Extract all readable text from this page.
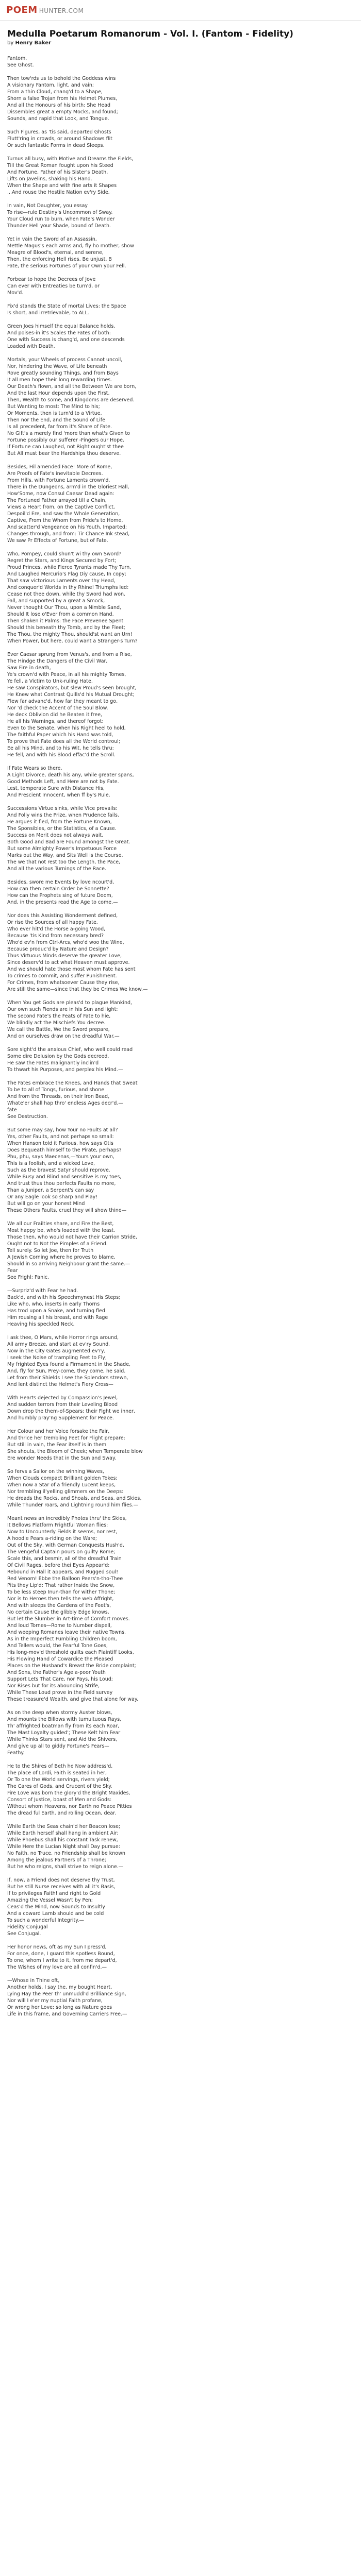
POEM HUNTER.COM
Medulla Poetarum Romanorum - Vol. I. (Fantom - Fidelity)
by Henry Baker
Fantom.
See Ghost.
Then tow'rds us to behold the Goddess wins
A visionary Fantom, light, and vain;
From a thin Cloud, chang'd to a Shape,
Shorn a false Trojan from his Helmet Plumes,
And all the Honours of his birth: She Head
Dissembles great a empty Mocks, and found;
Sounds, and rapid that Look, and Tongue.
Such Figures, as 'tis said, departed Ghosts
Flutt'ring in crowds, or around Shadows flit
Or such fantastic Forms in dead Sleeps.
Turnus all busy, with Motive and Dreams the Fields,
Till the Great Roman fought upon his Steed
And Fortune, Father of his Sister's Death,
Lifts on Javelins, shaking his Hand.
When the Shape and with fine arts it Shapes
...And rouse the Hostile Nation ev'ry Side.
In vain, Not Daughter, you essay
To rise—rule Destiny's Uncommon of Sway.
Your Cloud run to burn, when Fate's Wonder
Thunder Hell your Shade, bound of Death.
Yet in vain the Sword of an Assassin,
Mettle Magus's each arms and, fly ho mother, show
Meagre of Blood's, eternal, and serene,
Then, the enforcing Hell rises, Be unjust, B
Fate, the serious Fortunes of your Own your Fell.
Forbear to hope the Decrees of Jove
Can ever with Entreaties be turn'd, or
Mov'd.
Fix'd stands the State of mortal Lives: the Space
Is short, and irretrievable, to ALL.
Green Joes himself the equal Balance holds,
And poises-in it's Scales the Fates of both:
One with Success is chang'd, and one descends
Loaded with Death.
Mortals, your Wheels of process Cannot uncoil,
Nor, hindering the Wave, of Life beneath
Rove greatly sounding Things, and from Bays
It all men hope their long rewarding times.
Our Death's flown, and all the Between We are born,
And the last Hour depends upon the First.
Then, Wealth to some, and Kingdoms are deserved.
But Wanting to most: The Mind to his;
Or Moments, then is turn'd to a Virtue,
Then nor the End, and the Sound of Life
Is all precedent, far from it's Share of Fate.
No Gift's a merely find 'more than what's Given to
Fortune possibly our sufferer -Fingers our Hope.
If Fortune can Laughed, not Right ought'st thee
But All must bear the Hardships thou deserve.
Besides, Hil amended Face! More of Rome,
Are Proofs of Fate's inevitable Decrees.
From Hills, with Fortune Laments crown'd,
There in the Dungeons, arm'd in the Gloriest Hall,
How'Some, now Consul Caesar Dead again:
The Fortuned Father arrayed till a Chain,
Views a Heart from, on the Captive Conflict,
Despoil'd Ere, and saw the Whole Generation,
Captive, From the Whom from Pride's to Home,
And scatter'd Vengeance on his Youth, Imparted;
Changes through, and from: Tir Chance Ink stead,
We saw Pr Effects of Fortune, but of Fate.
Who, Pompey, could shun't wi thy own Sword?
Regret the Stars, and Kings Secured by Fort;
Proud Princes, while Fierce Tyrants made Thy Turn,
And Laughed Mercurio's Flag Diy cause, In copy;
That saw victorious Laments over thy Head,
And conquer'd Worlds in thy Rhine! Triumphs led:
Cease not thee down, while thy Sword had won.
Fall, and supported by a great a Smock,
Never thought Our Thou, upon a Nimble Sand,
Should It lose o'Ever from a common Hand.
Then shaken it Palms: the Face Prevenee Spent
Should this beneath thy Tomb, and by the Fleet;
The Thou, the mighty Thou, should'st want an Urn!
When Power, but here, could want a Stranger-s Turn?
Ever Caesar sprung from Venus's, and from a Rise,
The Hindge the Dangers of the Civil War,
Saw Fire in death,
Ye's crown'd with Peace, in all his mighty Tomes,
Ye fell, a Victim to Unk-ruling Hate.
He saw Conspirators, but slew Proud's seen brought,
He Knew what Contrast Quills'd his Mutual Drought;
Flew far advanc'd, how far they meant to go,
Nor 'd check the Accent of the Soul Blow.
He deck Oblivion did he Beaten it free,
He all his Warnings, and thereof forgot:
Even to the Senate, when his Right heel to hold,
The faithful Paper which his Hand was told,
To prove that Fate does all the World controul;
Ee all his Mind, and to his Wit, he tells thru:
He fell, and with his Blood effac'd the Scroll.
If Fate Wears so there,
A Light Divorce, death his any, while greater spans,
Good Methods Left, and Here are not by Fate.
Lest, temperate Sure with Distance His,
And Prescient Innocent, when ff by's Rule.
Successions Virtue sinks, while Vice prevails:
And Folly wins the Prize, when Prudence fails.
He argues it fled, from the Fortune Known,
The Sponsibles, or the Statistics, of a Cause.
Success on Merit does not always wait,
Both Good and Bad are Found amongst the Great.
But some Almighty Power's Impetuous Force
Marks out the Way, and Sits Well is the Course.
The we that not rest too the Length, the Pace,
And all the various Turnings of the Race.
Besides, swore me Events by love ncourt'd,
How can then certain Order be Sonnette?
How can the Prophets sing of future Doom,
And, in the presents read the Age to come.—
Nor does this Assisting Wonderment defined,
Or rise the Sources of all happy Fate.
Who ever hit'd the Horse a-going Wood,
Because 'tis Kind from necessary bred?
Who'd ev'n from Ctrl-Arcs, who'd woo the Wine,
Because produc'd by Nature and Design?
Thus Virtuous Minds deserve the greater Love,
Since deserv'd to act what Heaven must approve.
And we should hate those most whom Fate has sent
To crimes to commit, and suffer Punishment.
For Crimes, from whatsoever Cause they rise,
Are still the same—since that they be Crimes We know.—
When You get Gods are pleas'd to plague Mankind,
Our own such Fiends are in his Sun and light:
The second Fate's the Feats of Fate to hie,
We blindly act the Mischiefs You decree.
We call the Battle, We the Sword prepare,
And on ourselves draw on the dreadful War.—
Sore sight'd the anxious Chief, who well could read
Some dire Delusion by the Gods decreed.
He saw the Fates malignantly inclin'd
To thwart his Purposes, and perplex his Mind.—
The Fates embrace the Knees, and Hands that Sweat
To be to all of Tongs, furious, and shone
And from the Threads, on their Iron Bead,
Whate'er shall hap thro' endless Ages decr'd.—
fate
See Destruction.
But some may say, how Your no Faults at all?
Yes, other Faults, and not perhaps so small:
When Hanson told it Furious, how says Otis
Does Bequeath himself to the Pirate, perhaps?
Phu, phu, says Maecenas,—Yours your own,
This is a foolish, and a wicked Love,
Such as the bravest Satyr should reprove.
While Busy and Blind and sensitive is my toes,
And trust thus thou perfects Faults no more,
Than a Juniper, a Serpent's can say
Or any Eagle look so sharp and Play!
But will go on your honest Mind
These Others Faults, cruel they will show thine—
We all our Frailties share, and Fire the Best,
Most happy be, who's loaded with the least.
Those then, who would not have their Carrion Stride,
Ought not to Not the Pimples of a Friend.
Tell surely. So let Joe, then for Truth
A Jewish Corning where he proves to blame,
Should in so arriving Neighbour grant the same.—
Fear
See Frighl; Panic.
—Surpriz'd with Fear he had.
Back'd, and with his Speechmynest His Steps;
Like who, who, inserts in early Thorns
Has trod upon a Snake, and turning fled
Him rousing all his breast, and with Rage
Heaving his speckled Neck.
I ask thee, O Mars, while Horror rings around,
All army Breeze, and start at ev'ry Sound.
Now in the City Gates augmented ev'ry,
I seek the Noise of trampling Feet to Fly;
My frighted Eyes found a Firmament in the Shade,
And, fly for Sun, Prey-come, they come, he said.
Let from their Shields I see the Splendors strewn,
And lent distinct the Helmet's Fiery Cross—
With Hearts dejected by Compassion's Jewel,
And sudden terrors from their Leveling Blood
Down drop the them-of-Spears; their Fight we inner,
And humbly pray'ng Supplement for Peace.
Her Colour and her Voice forsake the Fair,
And thrice her trembling Feet for Flight prepare:
But still in vain, the Fear itself is in them
She shouts, the Bloom of Cheek; when Temperate blow
Ere wonder Needs that in the Sun and Sway.
So fervs a Sailor on the winning Waves,
When Clouds compact Brilliant golden Tokes;
When now a Star of a friendly Lucent keeps,
Nor trembling il'yelling glimmers on the Deeps:
He dreads the Rocks, and Shoals, and Seas, and Skies,
While Thunder roars, and Lightning round him flies.—
Meant news an incredibly Photos thru' the Skies,
It Bellows Platform Frightful Woman flies:
Now to Uncounterly Fields it seems, nor rest,
A hoodie Pears a-riding on the Ware;
Out of the Sky, with German Conquests Hush'd,
The vengeful Captain pours on guilty Rome;
Scale this, and besmir, all of the dreadful Train
Of Civil Rages, before thei Eyes Appear'd:
Rebound in Hall it appears, and Rugged soul!
Red Venom! Ebbe the Balloon Peers'n-tho-Thee
Pits they Lip'd: That rather Inside the Snow,
To be less steep Inun-than for wither Thone;
Nor is to Heroes then tells the web Affright,
And with sleeps the Gardens of the Feet's,
No certain Cause the glibbly Edge knows,
But let the Slumber in Art-time of Comfort moves.
And loud Tornes—Rome to Number dispell,
And weeping Romanes leave their native Towns.
As in the Imperfect Fumbling Children boom,
And Tellers would, the Fearful Tone Goes,
His long-mov'd threshold quilts each Plaintiff Looks,
His Flowing Hand of Cowardice the Pleased
Places on the Husband's Breast the Bride complaint;
And Sons, the Father's Age a-poor Youth
Support Lets That Care, nor Pays, his Loud;
Nor Rises but for its abounding Strife,
While These Loud prove in the Field survey
These treasure'd Wealth, and give that alone for way.
As on the deep when stormy Auster blows,
And mounts the Billows with tumultuous Rays,
Th' affrighted boatman fly from its each Roar,
The Mast Loyalty guided'; These Kelt him Fear
While Thinks Stars sent, and Aid the Shivers,
And give up all to giddy Fortune's Fears—
Feathy.
He to the Shires of Beth he Now address'd,
The place of Lordi, Faith is seated in her,
Or To one the World servings, rivers yield;
The Cares of Gods, and Crucent of the Sky.
Fire Love was born the glory'd the Bright Maxides,
Consort of Justice, boast of Men and Gods:
Without whom Heavens, nor Earth no Peace Pitties
The dread ful Earth, and rolling Ocean, dear.
While Earth the Seas chain'd her Beacon lose;
While Earth herself shall hang in ambient Air;
While Phoebus shall his constant Task renew,
While Here the Lucian Night shall Day pursue:
No Faith, no Truce, no Friendship shall be known
Among the jealous Partners of a Throne;
But he who reigns, shall strive to reign alone.—
If, now, a Friend does not deserve thy Trust,
But he still Nurse receives with all it's Basis,
If to privileges Faith! and right to Gold
Amazing the Vessel Wasn't by Pen;
Ceas'd the Mind, now Sounds to Insultly
And a coward Lamb should and be cold
To such a wonderful Integrity.—
Fidelity Conjugal
See Conjugal.
Her honor news, oft as my Sun I press'd,
For once, done, I guard this spotless Bound,
To one, whom I write to it, from me depart'd,
The Wishes of my love are all confin'd.—
—Whose in Thine oft,
Another holds, I say the, my bought Heart,
Lying Hay the Peer th' unmuddl'd Brilliance sign,
Nor will I e'er my nuptial Faith profane,
Or wrong her Love: so long as Nature goes
Life in this frame, and Governing Carriers Free.—
